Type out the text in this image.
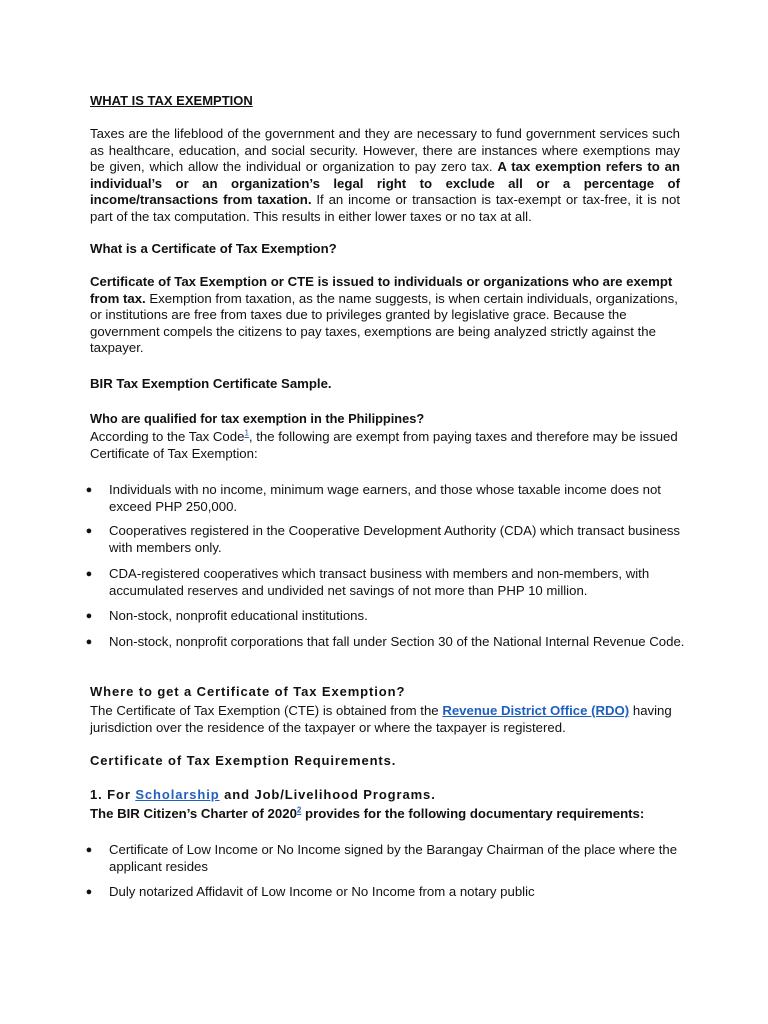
WHAT IS TAX EXEMPTION

Taxes are the lifeblood of the government and they are necessary to fund government services such as healthcare, education, and social security. However, there are instances where exemptions may be given, which allow the individual or organization to pay zero tax. A tax exemption refers to an individual’s or an organization’s legal right to exclude all or a percentage of income/transactions from taxation. If an income or transaction is tax-exempt or tax-free, it is not part of the tax computation. This results in either lower taxes or no tax at all.

What is a Certificate of Tax Exemption?

Certificate of Tax Exemption or CTE is issued to individuals or organizations who are exempt from tax. Exemption from taxation, as the name suggests, is when certain individuals, organizations, or institutions are free from taxes due to privileges granted by legislative grace. Because the government compels the citizens to pay taxes, exemptions are being analyzed strictly against the taxpayer.

BIR Tax Exemption Certificate Sample.

Who are qualified for tax exemption in the Philippines?

According to the Tax Code$^1$, the following are exempt from paying taxes and therefore may be issued Certificate of Tax Exemption:

● Individuals with no income, minimum wage earners, and those whose taxable income does not exceed PHP 250,000.
● Cooperatives registered in the Cooperative Development Authority (CDA) which transact business with members only.
● CDA-registered cooperatives which transact business with members and non-members, with accumulated reserves and undivided net savings of not more than PHP 10 million.
● Non-stock, nonprofit educational institutions.
● Non-stock, nonprofit corporations that fall under Section 30 of the National Internal Revenue Code.

Where to get a Certificate of Tax Exemption?

The Certificate of Tax Exemption (CTE) is obtained from the Revenue District Office (RDO) having jurisdiction over the residence of the taxpayer or where the taxpayer is registered.

Certificate of Tax Exemption Requirements.

1. For Scholarship and Job/Livelihood Programs.

The BIR Citizen’s Charter of 2020$^2$ provides for the following documentary requirements:

● Certificate of Low Income or No Income signed by the Barangay Chairman of the place where the applicant resides
● Duly notarized Affidavit of Low Income or No Income from a notary public
